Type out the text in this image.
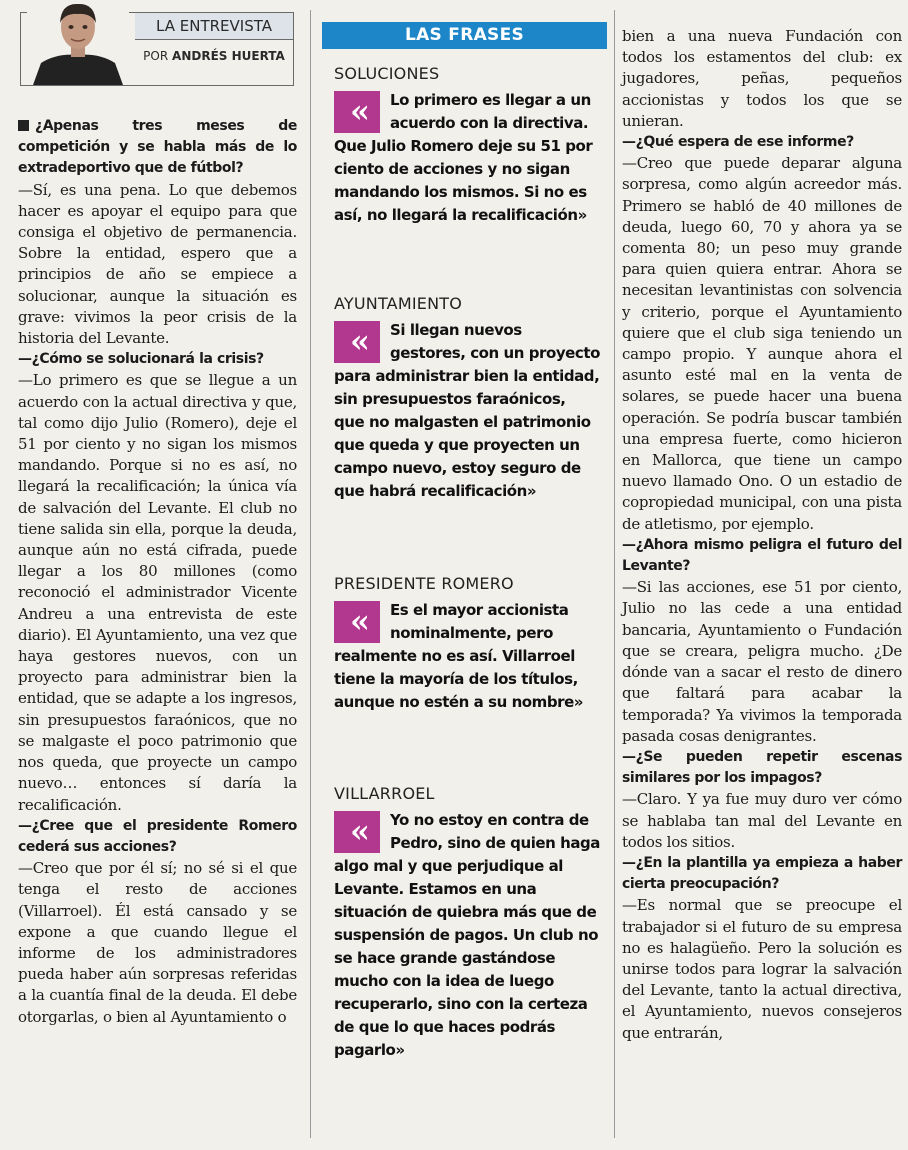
LA ENTREVISTA
POR ANDRÉS HUERTA

¿Apenas tres meses de competición y se habla más de lo extradeportivo que de fútbol?

—Sí, es una pena. Lo que debemos hacer es apoyar el equipo para que consiga el objetivo de permanencia. Sobre la entidad, espero que a principios de año se empiece a solucionar, aunque la situación es grave: vivimos la peor crisis de la historia del Levante.

—¿Cómo se solucionará la crisis?

—Lo primero es que se llegue a un acuerdo con la actual directiva y que, tal como dijo Julio (Romero), deje el 51 por ciento y no sigan los mismos mandando. Porque si no es así, no llegará la recalificación; la única vía de salvación del Levante. El club no tiene salida sin ella, porque la deuda, aunque aún no está cifrada, puede llegar a los 80 millones (como reconoció el administrador Vicente Andreu a una entrevista de este diario). El Ayuntamiento, una vez que haya gestores nuevos, con un proyecto para administrar bien la entidad, que se adapte a los ingresos, sin presupuestos faraónicos, que no se malgaste el poco patrimonio que nos queda, que proyecte un campo nuevo… entonces sí daría la recalificación.

—¿Cree que el presidente Romero cederá sus acciones?

—Creo que por él sí; no sé si el que tenga el resto de acciones (Villarroel). Él está cansado y se expone a que cuando llegue el informe de los administradores pueda haber aún sorpresas referidas a la cuantía final de la deuda. El debe otorgarlas, o bien al Ayuntamiento o

LAS FRASES
SOLUCIONES
«	Lo primero es llegar a un acuerdo con la directiva. Que Julio Romero deje su 51 por ciento de acciones y no sigan mandando los mismos. Si no es así, no llegará la recalificación»
AYUNTAMIENTO
«	Si llegan nuevos gestores, con un proyecto para administrar bien la entidad, sin presupuestos faraónicos, que no malgasten el patrimonio que queda y que proyecten un campo nuevo, estoy seguro de que habrá recalificación»
PRESIDENTE ROMERO
«	Es el mayor accionista nominalmente, pero realmente no es así. Villarroel tiene la mayoría de los títulos, aunque no estén a su nombre»
VILLARROEL
«	Yo no estoy en contra de Pedro, sino de quien haga algo mal y que perjudique al Levante. Estamos en una situación de quiebra más que de suspensión de pagos. Un club no se hace grande gastándose mucho con la idea de luego recuperarlo, sino con la certeza de que lo que haces podrás pagarlo»

bien a una nueva Fundación con todos los estamentos del club: ex jugadores, peñas, pequeños accionistas y todos los que se unieran.

—¿Qué espera de ese informe?

—Creo que puede deparar alguna sorpresa, como algún acreedor más. Primero se habló de 40 millones de deuda, luego 60, 70 y ahora ya se comenta 80; un peso muy grande para quien quiera entrar. Ahora se necesitan levantinistas con solvencia y criterio, porque el Ayuntamiento quiere que el club siga teniendo un campo propio. Y aunque ahora el asunto esté mal en la venta de solares, se puede hacer una buena operación. Se podría buscar también una empresa fuerte, como hicieron en Mallorca, que tiene un campo nuevo llamado Ono. O un estadio de copropiedad municipal, con una pista de atletismo, por ejemplo.

—¿Ahora mismo peligra el futuro del Levante?

—Si las acciones, ese 51 por ciento, Julio no las cede a una entidad bancaria, Ayuntamiento o Fundación que se creara, peligra mucho. ¿De dónde van a sacar el resto de dinero que faltará para acabar la temporada? Ya vivimos la temporada pasada cosas denigrantes.

—¿Se pueden repetir escenas similares por los impagos?

—Claro. Y ya fue muy duro ver cómo se hablaba tan mal del Levante en todos los sitios.

—¿En la plantilla ya empieza a haber cierta preocupación?

—Es normal que se preocupe el trabajador si el futuro de su empresa no es halagüeño. Pero la solución es unirse todos para lograr la salvación del Levante, tanto la actual directiva, el Ayuntamiento, nuevos consejeros que entrarán,
